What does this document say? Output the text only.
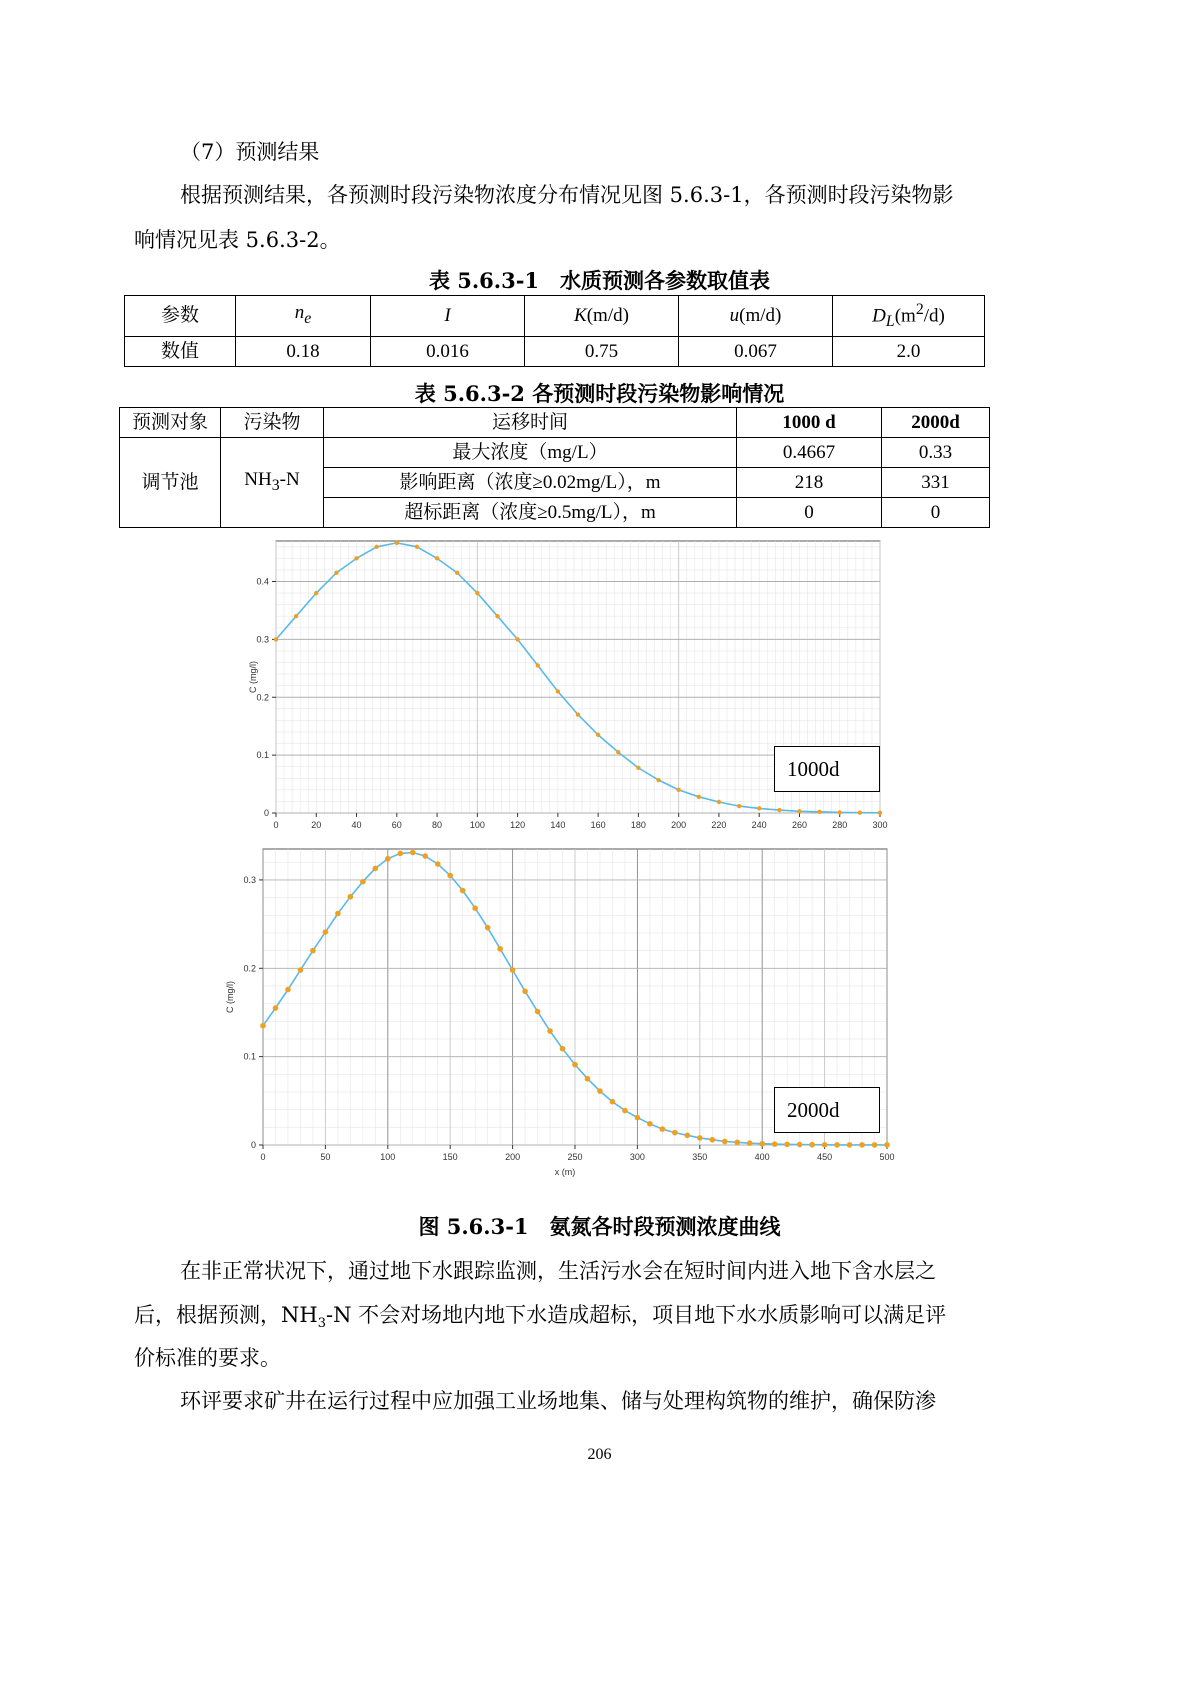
（7）预测结果
根据预测结果，各预测时段污染物浓度分布情况见图 5.6.3-1，各预测时段污染物影
响情况见表 5.6.3-2。
表 5.6.3-1　水质预测各参数取值表
参数	$n_e$	I	K(m/d)	u(m/d)	$D_L(m^2/d)$
数值	0.18	0.016	0.75	0.067	2.0
表 5.6.3-2 各预测时段污染物影响情况
预测对象	污染物	运移时间	1000 d	2000d
调节池	$NH_3-N$	最大浓度（mg/L）	0.4667	0.33
		影响距离（浓度≥0.02mg/L），m	218	331
		超标距离（浓度≥0.5mg/L），m	0	0
0	20	40	60	80	100	120	140	160	180	200	220	240	260	280	300
0
0.1
0.2
0.3
0.4
C (mg/l)
1000d
0	50	100	150	200	250	300	350	400	450	500
0
0.1
0.2
0.3
C (mg/l)
x (m)
2000d
图 5.6.3-1　氨氮各时段预测浓度曲线
在非正常状况下，通过地下水跟踪监测，生活污水会在短时间内进入地下含水层之
后，根据预测，$NH_3-N$ 不会对场地内地下水造成超标，项目地下水水质影响可以满足评
价标准的要求。
环评要求矿井在运行过程中应加强工业场地集、储与处理构筑物的维护，确保防渗
206
